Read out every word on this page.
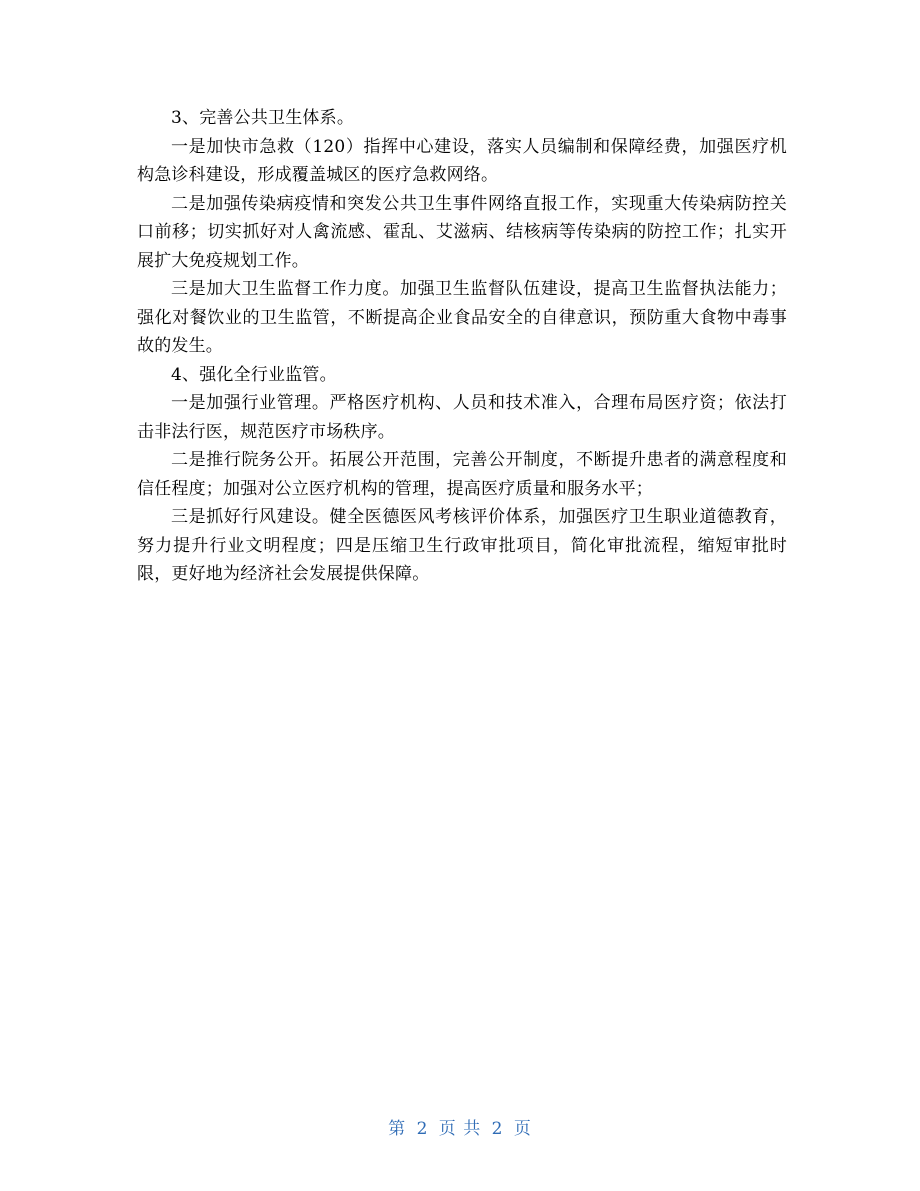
3、完善公共卫生体系。

一是加快市急救（120）指挥中心建设，落实人员编制和保障经费，加强医疗机构急诊科建设，形成覆盖城区的医疗急救网络。

二是加强传染病疫情和突发公共卫生事件网络直报工作，实现重大传染病防控关口前移；切实抓好对人禽流感、霍乱、艾滋病、结核病等传染病的防控工作；扎实开展扩大免疫规划工作。

三是加大卫生监督工作力度。加强卫生监督队伍建设，提高卫生监督执法能力；强化对餐饮业的卫生监管，不断提高企业食品安全的自律意识，预防重大食物中毒事故的发生。

4、强化全行业监管。

一是加强行业管理。严格医疗机构、人员和技术准入，合理布局医疗资；依法打击非法行医，规范医疗市场秩序。

二是推行院务公开。拓展公开范围，完善公开制度，不断提升患者的满意程度和信任程度；加强对公立医疗机构的管理，提高医疗质量和服务水平；

三是抓好行风建设。健全医德医风考核评价体系，加强医疗卫生职业道德教育，努力提升行业文明程度；四是压缩卫生行政审批项目，简化审批流程，缩短审批时限，更好地为经济社会发展提供保障。

第 2 页 共 2 页
